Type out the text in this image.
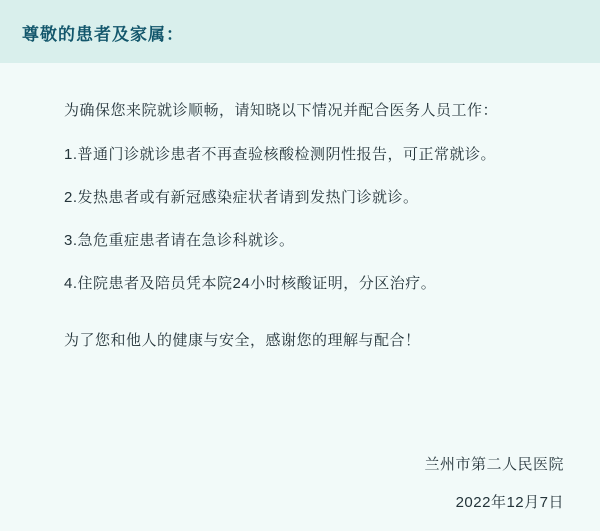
尊敬的患者及家属：
为确保您来院就诊顺畅，请知晓以下情况并配合医务人员工作：
1.普通门诊就诊患者不再查验核酸检测阴性报告，可正常就诊。
2.发热患者或有新冠感染症状者请到发热门诊就诊。
3.急危重症患者请在急诊科就诊。
4.住院患者及陪员凭本院24小时核酸证明，分区治疗。
为了您和他人的健康与安全，感谢您的理解与配合！
兰州市第二人民医院
2022年12月7日
